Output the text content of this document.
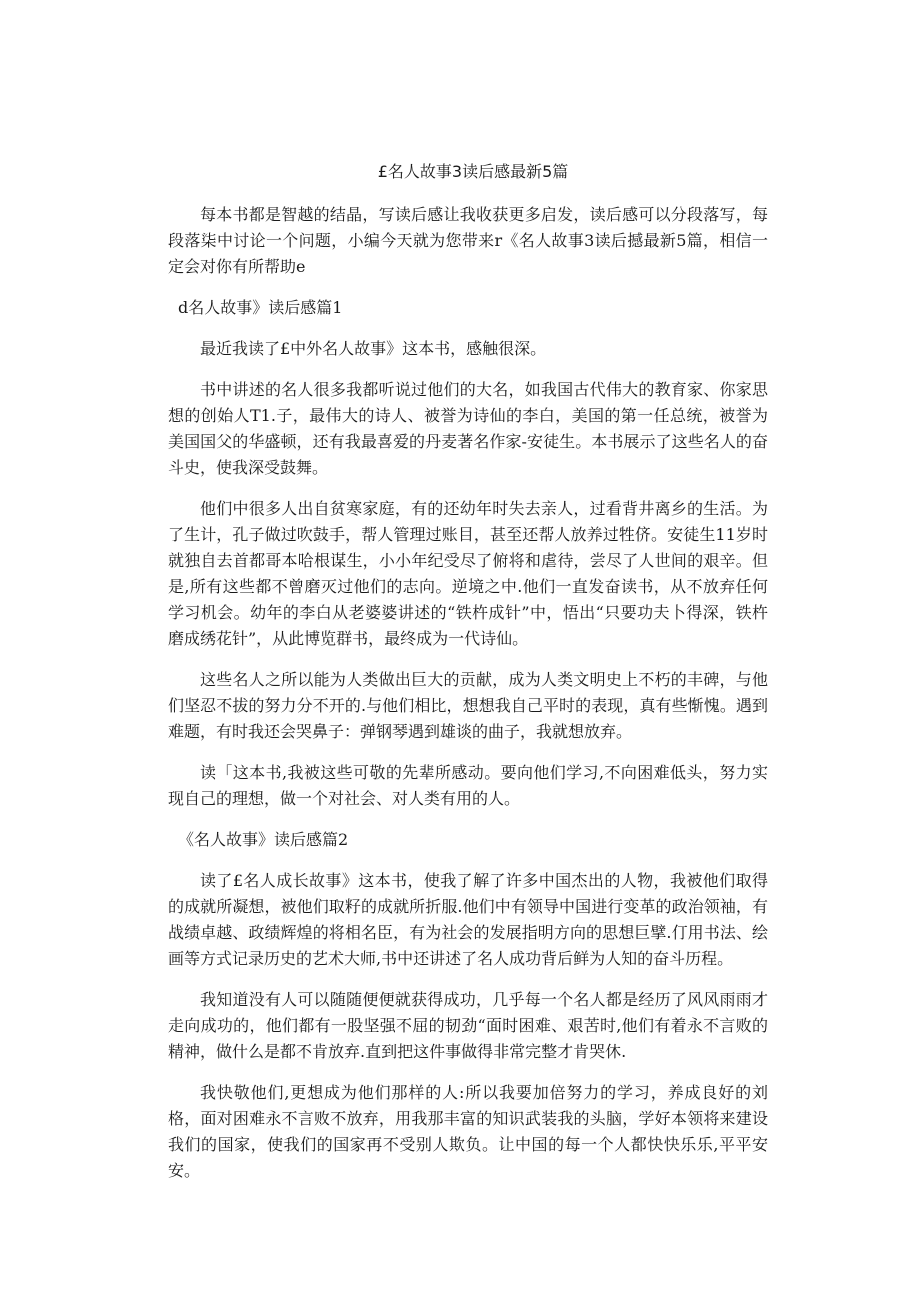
£名人故事3读后感最新5篇

每本书都是智越的结晶，写读后感让我收获更多启发，读后感可以分段落写，每段落柒中讨论一个问题，小编今天就为您带来r《名人故事3读后撼最新5篇，相信一定会对你有所帮助e

d名人故事》读后感篇1

最近我读了£中外名人故事》这本书，感触很深。

书中讲述的名人很多我都听说过他们的大名，如我国古代伟大的教育家、你家思想的创始人T1.子，最伟大的诗人、被誉为诗仙的李白，美国的第一任总统，被誉为美国国父的华盛顿，还有我最喜爱的丹麦著名作家-安徒生。本书展示了这些名人的奋斗史，使我深受鼓舞。

他们中很多人出自贫寒家庭，有的还幼年时失去亲人，过看背井离乡的生活。为了生计，孔子做过吹鼓手，帮人管理过账目，甚至还帮人放养过牲侪。安徒生11岁时就独自去首都哥本哈根谋生，小小年纪受尽了俯将和虐待，尝尽了人世间的艰辛。但是,所有这些都不曾磨灭过他们的志向。逆境之中.他们一直发奋读书，从不放弃任何学习机会。幼年的李白从老婆婆讲述的“铁杵成针”中，悟出“只要功夫卜得深，铁杵磨成绣花针”，从此博览群书，最终成为一代诗仙。

这些名人之所以能为人类做出巨大的贡献，成为人类文明史上不朽的丰碑，与他们坚忍不拔的努力分不开的.与他们相比，想想我自己平时的表现，真有些惭愧。遇到难题，有时我还会哭鼻子：弹钢琴遇到雄谈的曲子，我就想放弃。

读「这本书,我被这些可敬的先辈所感动。要向他们学习,不向困难低头，努力实现自己的理想，做一个对社会、对人类有用的人。

《名人故事》读后感篇2

读了£名人成长故事》这本书，使我了解了许多中国杰出的人物，我被他们取得的成就所凝想，被他们取籽的成就所折服.他们中有领导中国进行变革的政治领袖，有战绩卓越、政绩辉煌的将相名臣，有为社会的发展指明方向的思想巨擘.仃用书法、绘画等方式记录历史的艺术大师,书中还讲述了名人成功背后鲜为人知的奋斗历程。

我知道没有人可以随随便便就获得成功，几乎每一个名人都是经历了风风雨雨才走向成功的，他们都有一股坚强不屈的韧劲“面时困难、艰苦时,他们有着永不言败的精神，做什么是都不肯放弃.直到把这件事做得非常完整才肯哭休.

我快敬他们,更想成为他们那样的人:所以我要加倍努力的学习，养成良好的刘格，面对困难永不言败不放弃，用我那丰富的知识武装我的头脑，学好本领将来建设我们的国家，使我们的国家再不受别人欺负。让中国的每一个人都快快乐乐,平平安安。
